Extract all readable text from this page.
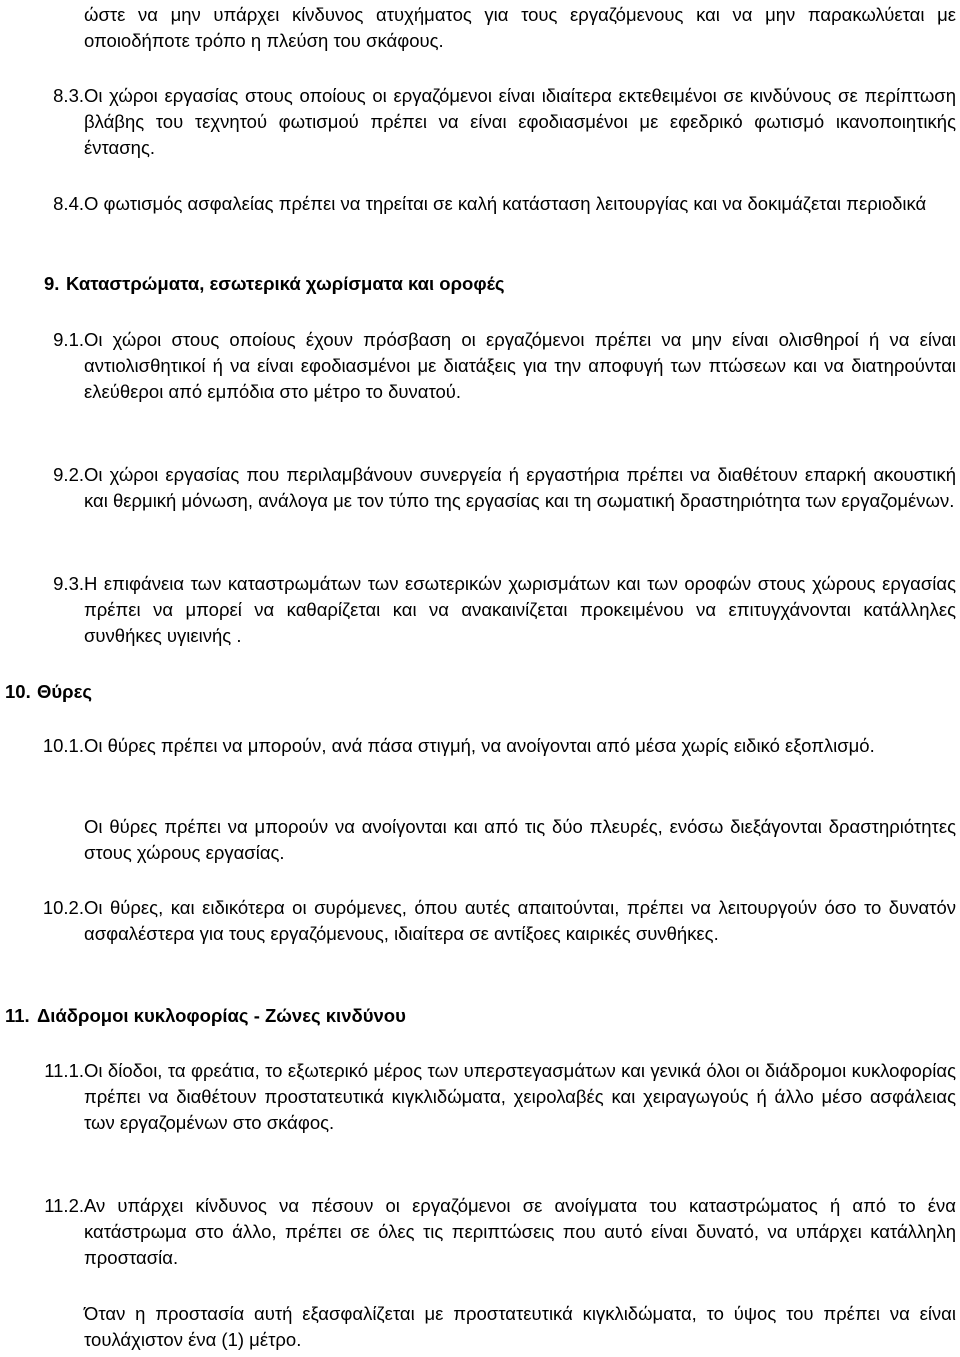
ώστε να μην υπάρχει κίνδυνος ατυχήματος για τους εργαζόμενους και να μην παρακωλύεται με οποιοδήποτε τρόπο η πλεύση του σκάφους.
8.3. Οι χώροι εργασίας στους οποίους οι εργαζόμενοι είναι ιδιαίτερα εκτεθειμένοι σε κινδύνους σε περίπτωση βλάβης του τεχνητού φωτισμού πρέπει να είναι εφοδιασμένοι με εφεδρικό φωτισμό ικανοποιητικής έντασης.
8.4. Ο φωτισμός ασφαλείας πρέπει να τηρείται σε καλή κατάσταση λειτουργίας και να δοκιμάζεται περιοδικά
9. Καταστρώματα, εσωτερικά χωρίσματα και οροφές
9.1. Οι χώροι στους οποίους έχουν πρόσβαση οι εργαζόμενοι πρέπει να μην είναι ολισθηροί ή να είναι αντιολισθητικοί ή να είναι εφοδιασμένοι με διατάξεις για την αποφυγή των πτώσεων και να διατηρούνται ελεύθεροι από εμπόδια στο μέτρο το δυνατού.
9.2. Οι χώροι εργασίας που περιλαμβάνουν συνεργεία ή εργαστήρια πρέπει να διαθέτουν επαρκή ακουστική και θερμική μόνωση, ανάλογα με τον τύπο της εργασίας και τη σωματική δραστηριότητα των εργαζομένων.
9.3. Η επιφάνεια των καταστρωμάτων των εσωτερικών χωρισμάτων και των οροφών στους χώρους εργασίας πρέπει να μπορεί να καθαρίζεται και να ανακαινίζεται προκειμένου να επιτυγχάνονται κατάλληλες συνθήκες υγιεινής .
10. Θύρες
10.1. Οι θύρες πρέπει να μπορούν, ανά πάσα στιγμή, να ανοίγονται από μέσα χωρίς ειδικό εξοπλισμό.
Οι θύρες πρέπει να μπορούν να ανοίγονται και από τις δύο πλευρές, ενόσω διεξάγονται δραστηριότητες στους χώρους εργασίας.
10.2. Οι θύρες, και ειδικότερα οι συρόμενες, όπου αυτές απαιτούνται, πρέπει να λειτουργούν όσο το δυνατόν ασφαλέστερα για τους εργαζόμενους, ιδιαίτερα σε αντίξοες καιρικές συνθήκες.
11. Διάδρομοι κυκλοφορίας - Ζώνες κινδύνου
11.1. Οι δίοδοι, τα φρεάτια, το εξωτερικό μέρος των υπερστεγασμάτων και γενικά όλοι οι διάδρομοι κυκλοφορίας πρέπει να διαθέτουν προστατευτικά κιγκλιδώματα, χειρολαβές και χειραγωγούς ή άλλο μέσο ασφάλειας των εργαζομένων στο σκάφος.
11.2. Αν υπάρχει κίνδυνος να πέσουν οι εργαζόμενοι σε ανοίγματα του καταστρώματος ή από το ένα κατάστρωμα στο άλλο, πρέπει σε όλες τις περιπτώσεις που αυτό είναι δυνατό, να υπάρχει κατάλληλη προστασία.
Όταν η προστασία αυτή εξασφαλίζεται με προστατευτικά κιγκλιδώματα, το ύψος του πρέπει να είναι τουλάχιστον ένα (1) μέτρο.
